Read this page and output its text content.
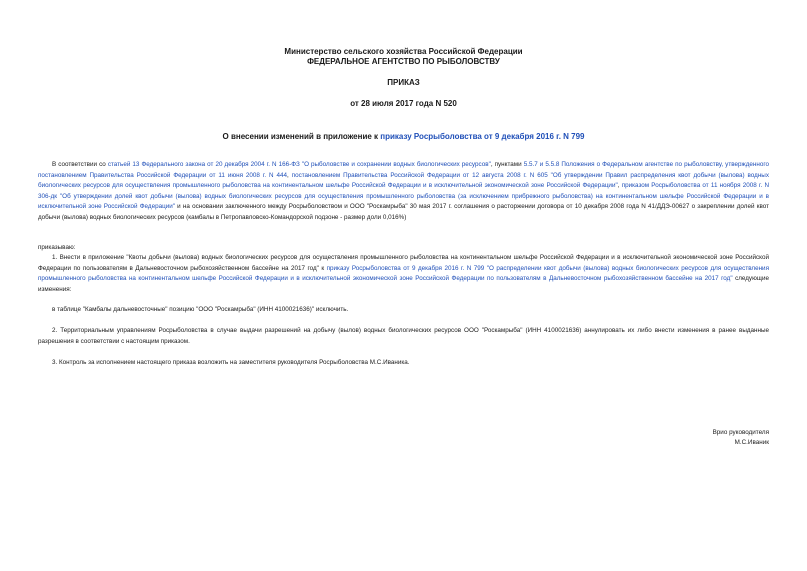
Министерство сельского хозяйства Российской Федерации
ФЕДЕРАЛЬНОЕ АГЕНТСТВО ПО РЫБОЛОВСТВУ
ПРИКАЗ
от 28 июля 2017 года N 520
О внесении изменений в приложение к приказу Росрыболовства от 9 декабря 2016 г. N 799
В соответствии со статьей 13 Федерального закона от 20 декабря 2004 г. N 166-ФЗ "О рыболовстве и сохранении водных биологических ресурсов", пунктами 5.5.7 и 5.5.8 Положения о Федеральном агентстве по рыболовству, утвержденного постановлением Правительства Российской Федерации от 11 июня 2008 г. N 444, постановлением Правительства Российской Федерации от 12 августа 2008 г. N 605 "Об утверждении Правил распределения квот добычи (вылова) водных биологических ресурсов для осуществления промышленного рыболовства на континентальном шельфе Российской Федерации и в исключительной экономической зоне Российской Федерации", приказом Росрыболовства от 11 ноября 2008 г. N 306-дк "Об утверждении долей квот добычи (вылова) водных биологических ресурсов для осуществления промышленного рыболовства (за исключением прибрежного рыболовства) на континентальном шельфе Российской Федерации и в исключительной зоне Российской Федерации" и на основании заключенного между Росрыболовством и ООО "Роскамрыба" 30 мая 2017 г. соглашения о расторжении договора от 10 декабря 2008 года N 41/ДДЭ-00627 о закреплении долей квот добычи (вылова) водных биологических ресурсов (камбалы в Петропавловско-Командорской подзоне - размер доли 0,016%)
приказываю:
1. Внести в приложение "Квоты добычи (вылова) водных биологических ресурсов для осуществления промышленного рыболовства на континентальном шельфе Российской Федерации и в исключительной экономической зоне Российской Федерации по пользователям в Дальневосточном рыбохозяйственном бассейне на 2017 год" к приказу Росрыболовства от 9 декабря 2016 г. N 799 "О распределении квот добычи (вылова) водных биологических ресурсов для осуществления промышленного рыболовства на континентальном шельфе Российской Федерации и в исключительной экономической зоне Российской Федерации по пользователям в Дальневосточном рыбохозяйственном бассейне на 2017 год" следующие изменения:
в таблице "Камбалы дальневосточные" позицию "ООО "Роскамрыба" (ИНН 4100021636)" исключить.
2. Территориальным управлениям Росрыболовства в случае выдачи разрешений на добычу (вылов) водных биологических ресурсов ООО "Роскамрыба" (ИНН 4100021636) аннулировать их либо внести изменения в ранее выданные разрешения в соответствии с настоящим приказом.
3. Контроль за исполнением настоящего приказа возложить на заместителя руководителя Росрыболовства М.С.Иваника.
Врио руководителя
М.С.Иваник
